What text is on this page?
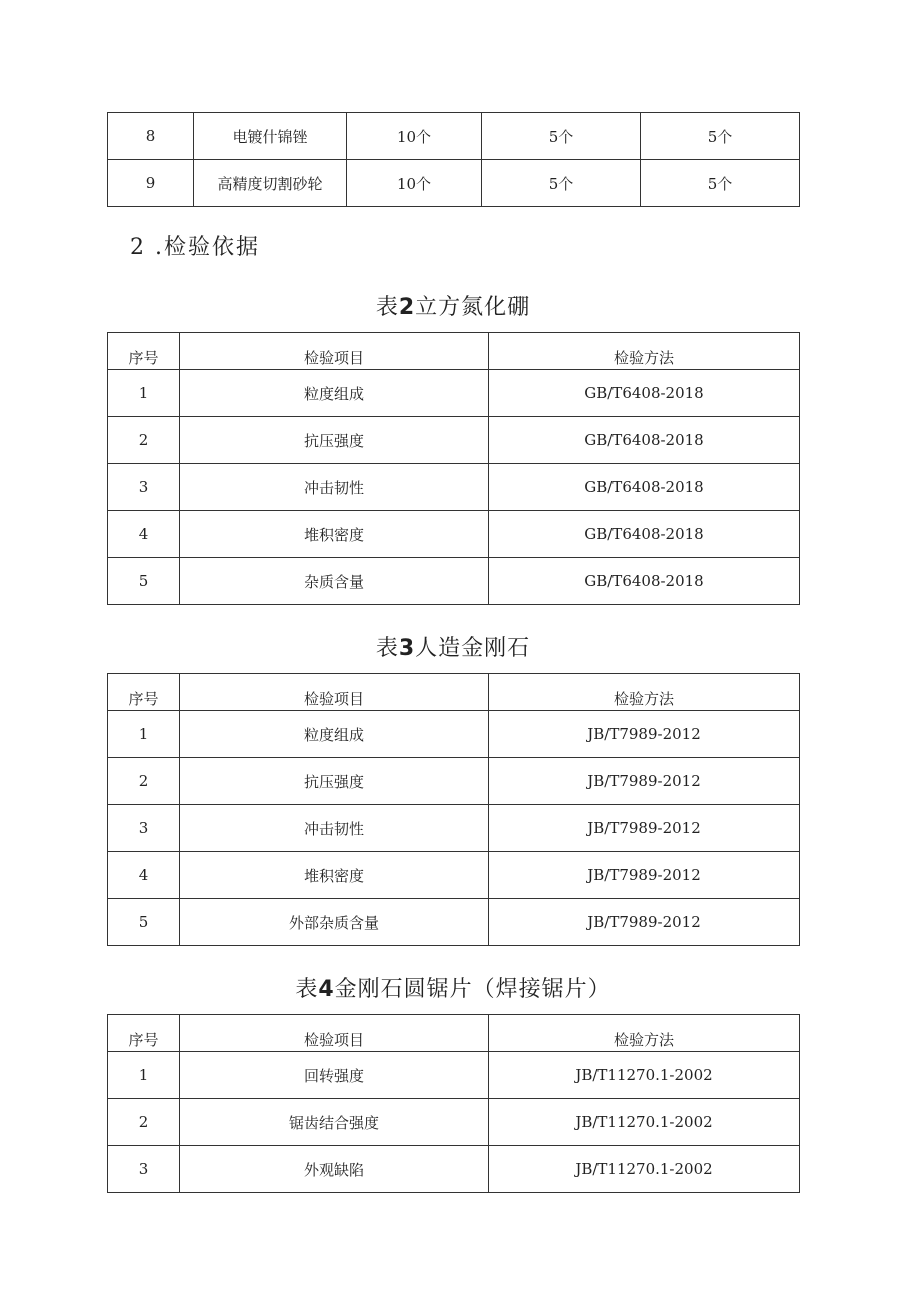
8	电镀什锦锉	10个	5个	5个
9	高精度切割砂轮	10个	5个	5个
2 .检验依据
表2立方氮化硼
序号	检验项目	检验方法
1	粒度组成	GB/T6408-2018
2	抗压强度	GB/T6408-2018
3	冲击韧性	GB/T6408-2018
4	堆积密度	GB/T6408-2018
5	杂质含量	GB/T6408-2018
表3人造金刚石
序号	检验项目	检验方法
1	粒度组成	JB/T7989-2012
2	抗压强度	JB/T7989-2012
3	冲击韧性	JB/T7989-2012
4	堆积密度	JB/T7989-2012
5	外部杂质含量	JB/T7989-2012
表4金刚石圆锯片（焊接锯片）
序号	检验项目	检验方法
1	回转强度	JB/T11270.1-2002
2	锯齿结合强度	JB/T11270.1-2002
3	外观缺陷	JB/T11270.1-2002
